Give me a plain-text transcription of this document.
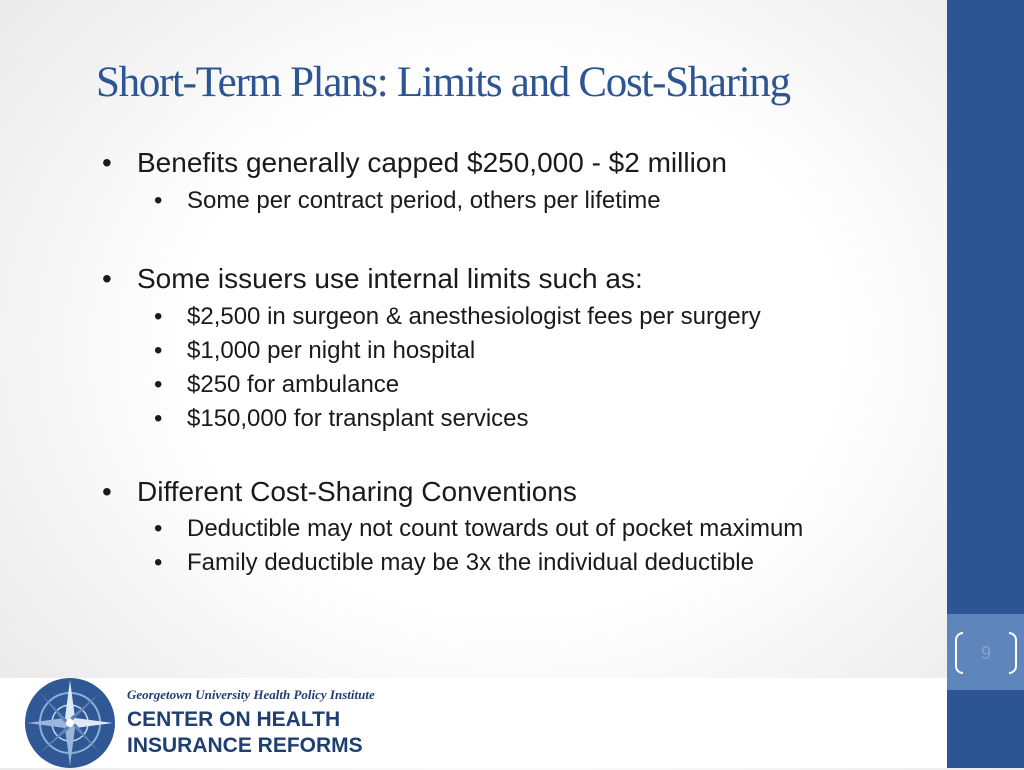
9
Short-Term Plans: Limits and Cost-Sharing
Benefits generally capped $250,000 - $2 million
Some per contract period, others per lifetime
Some issuers use internal limits such as:
$2,500 in surgeon & anesthesiologist fees per surgery
$1,000 per night in hospital
$250 for ambulance
$150,000 for transplant services
Different Cost-Sharing Conventions
Deductible may not count towards out of pocket maximum
Family deductible may be 3x the individual deductible
Georgetown University Health Policy Institute
CENTER ON HEALTH
INSURANCE REFORMS
